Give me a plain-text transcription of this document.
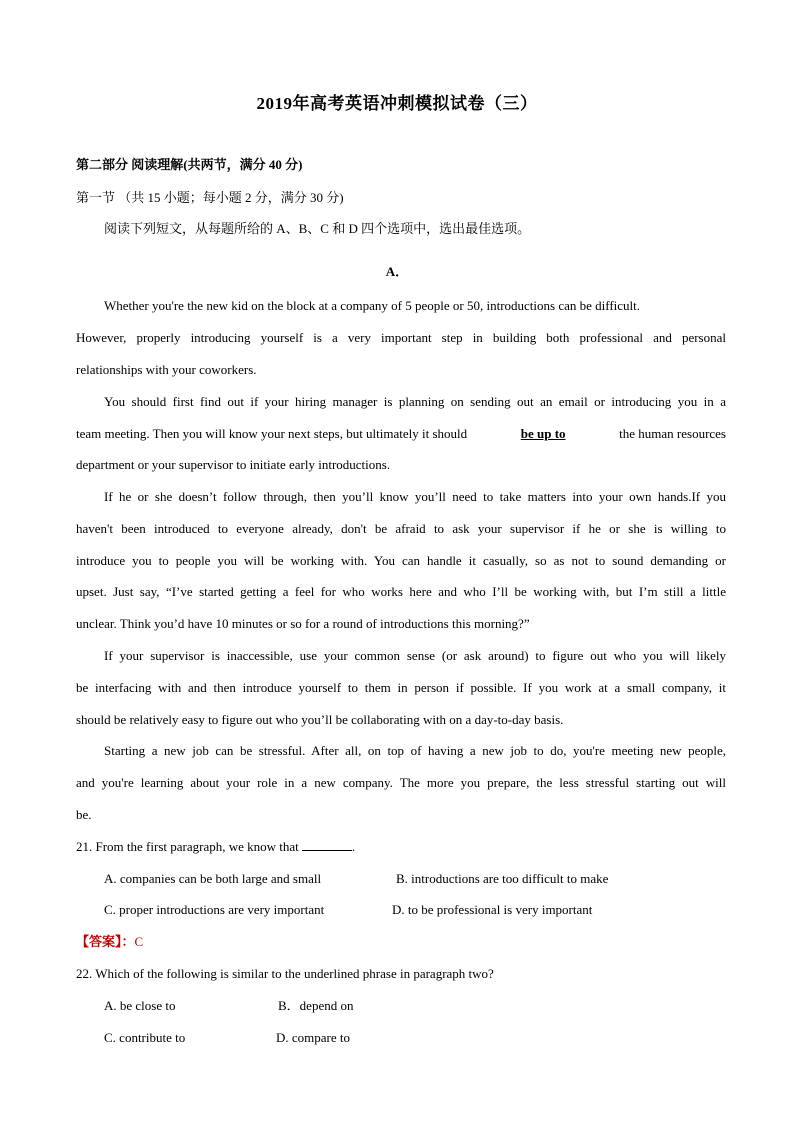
2019年高考英语冲刺模拟试卷（三）
第二部分 阅读理解(共两节，满分 40 分)
第一节 （共 15 小题；每小题 2 分，满分 30 分)
阅读下列短文，从每题所给的 A、B、C 和 D 四个选项中，选出最佳选项。
A．
Whether you're the new kid on the block at a company of 5 people or 50, introductions can be difficult.
However, properly introducing yourself is a very important step in building both professional and personal
relationships with your coworkers.
You should first find out if your hiring manager is planning on sending out an email or introducing you in a
team meeting. Then you will know your next steps, but ultimately it should	be up to	the human resources
department or your supervisor to initiate early introductions.
If he or she doesn’t follow through, then you’ll know you’ll need to take matters into your own hands.If you
haven't been introduced to everyone already, don't be afraid to ask your supervisor if he or she is willing to
introduce you to people you will be working with. You can handle it casually, so as not to sound demanding or
upset. Just say, “I’ve started getting a feel for who works here and who I’ll be working with, but I’m still a little
unclear. Think you’d have 10 minutes or so for a round of introductions this morning?”
If your supervisor is inaccessible, use your common sense (or ask around) to figure out who you will likely
be interfacing with and then introduce yourself to them in person if possible. If you work at a small company, it
should be relatively easy to figure out who you’ll be collaborating with on a day-to-day basis.
Starting a new job can be stressful. After all, on top of having a new job to do, you're meeting new people,
and you're learning about your role in a new company. The more you prepare, the less stressful starting out will
be.
21. From the first paragraph, we know that	.
A. companies can be both large and small	B. introductions are too difficult to make
C. proper introductions are very important	D. to be professional is very important
【答案】：C
22. Which of the following is similar to the underlined phrase in paragraph two?
A. be close to	B．depend on
C. contribute to	D. compare to
